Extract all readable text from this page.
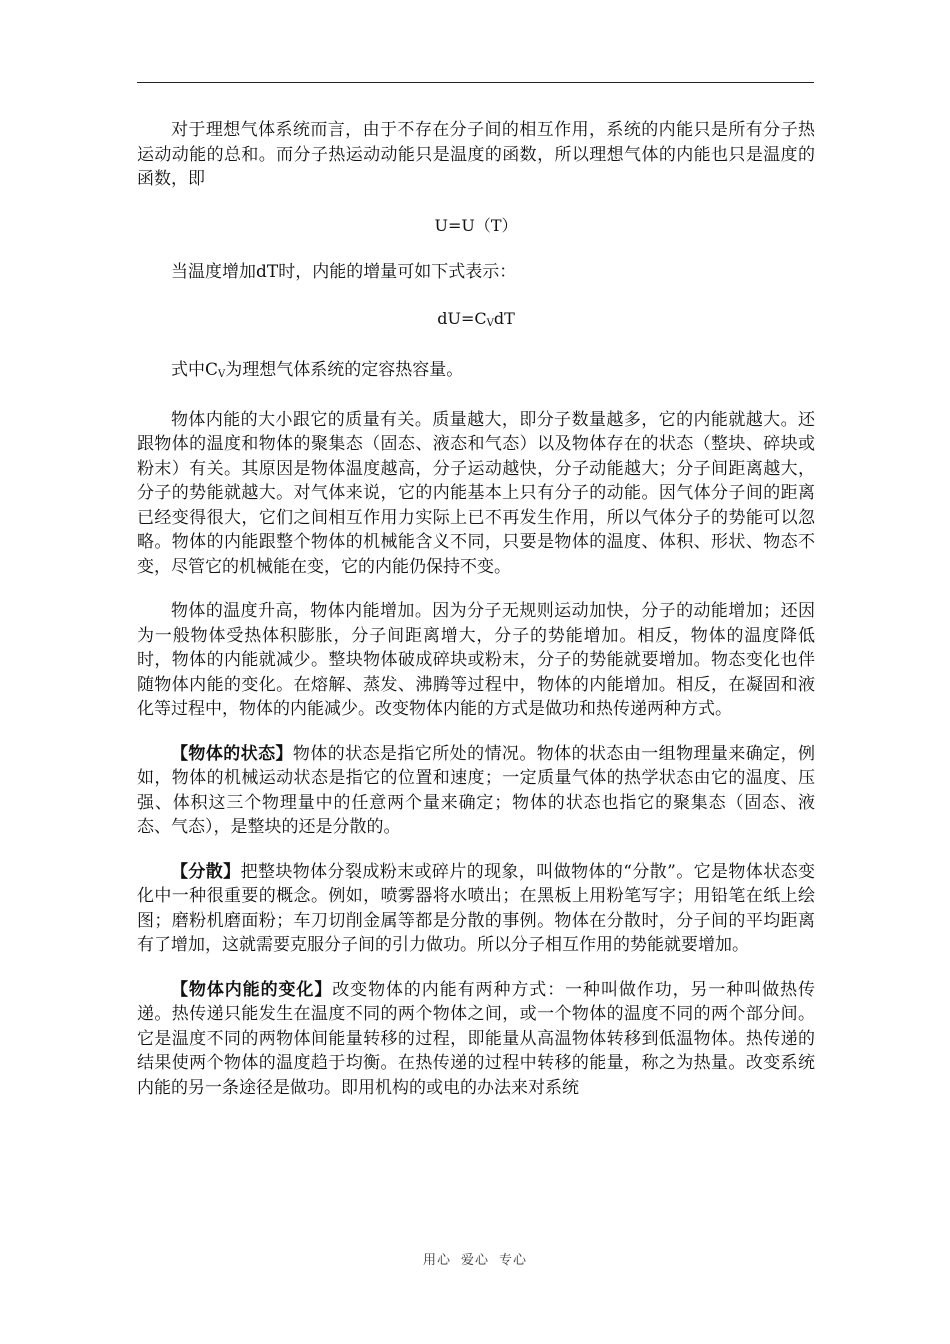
对于理想气体系统而言，由于不存在分子间的相互作用，系统的内能只是所有分子热运动动能的总和。而分子热运动动能只是温度的函数，所以理想气体的内能也只是温度的函数，即

U=U（T）

当温度增加dT时，内能的增量可如下式表示：

$dU=C_VdT$

式中$C_V$为理想气体系统的定容热容量。

物体内能的大小跟它的质量有关。质量越大，即分子数量越多，它的内能就越大。还跟物体的温度和物体的聚集态（固态、液态和气态）以及物体存在的状态（整块、碎块或粉末）有关。其原因是物体温度越高，分子运动越快，分子动能越大；分子间距离越大，分子的势能就越大。对气体来说，它的内能基本上只有分子的动能。因气体分子间的距离已经变得很大，它们之间相互作用力实际上已不再发生作用，所以气体分子的势能可以忽略。物体的内能跟整个物体的机械能含义不同，只要是物体的温度、体积、形状、物态不变，尽管它的机械能在变，它的内能仍保持不变。

物体的温度升高，物体内能增加。因为分子无规则运动加快，分子的动能增加；还因为一般物体受热体积膨胀，分子间距离增大，分子的势能增加。相反，物体的温度降低时，物体的内能就减少。整块物体破成碎块或粉末，分子的势能就要增加。物态变化也伴随物体内能的变化。在熔解、蒸发、沸腾等过程中，物体的内能增加。相反，在凝固和液化等过程中，物体的内能减少。改变物体内能的方式是做功和热传递两种方式。

【物体的状态】物体的状态是指它所处的情况。物体的状态由一组物理量来确定，例如，物体的机械运动状态是指它的位置和速度；一定质量气体的热学状态由它的温度、压强、体积这三个物理量中的任意两个量来确定；物体的状态也指它的聚集态（固态、液态、气态），是整块的还是分散的。

【分散】把整块物体分裂成粉末或碎片的现象，叫做物体的“分散”。它是物体状态变化中一种很重要的概念。例如，喷雾器将水喷出；在黑板上用粉笔写字；用铅笔在纸上绘图；磨粉机磨面粉；车刀切削金属等都是分散的事例。物体在分散时，分子间的平均距离有了增加，这就需要克服分子间的引力做功。所以分子相互作用的势能就要增加。

【物体内能的变化】改变物体的内能有两种方式：一种叫做作功，另一种叫做热传递。热传递只能发生在温度不同的两个物体之间，或一个物体的温度不同的两个部分间。它是温度不同的两物体间能量转移的过程，即能量从高温物体转移到低温物体。热传递的结果使两个物体的温度趋于均衡。在热传递的过程中转移的能量，称之为热量。改变系统内能的另一条途径是做功。即用机构的或电的办法来对系统

用心 爱心 专心
